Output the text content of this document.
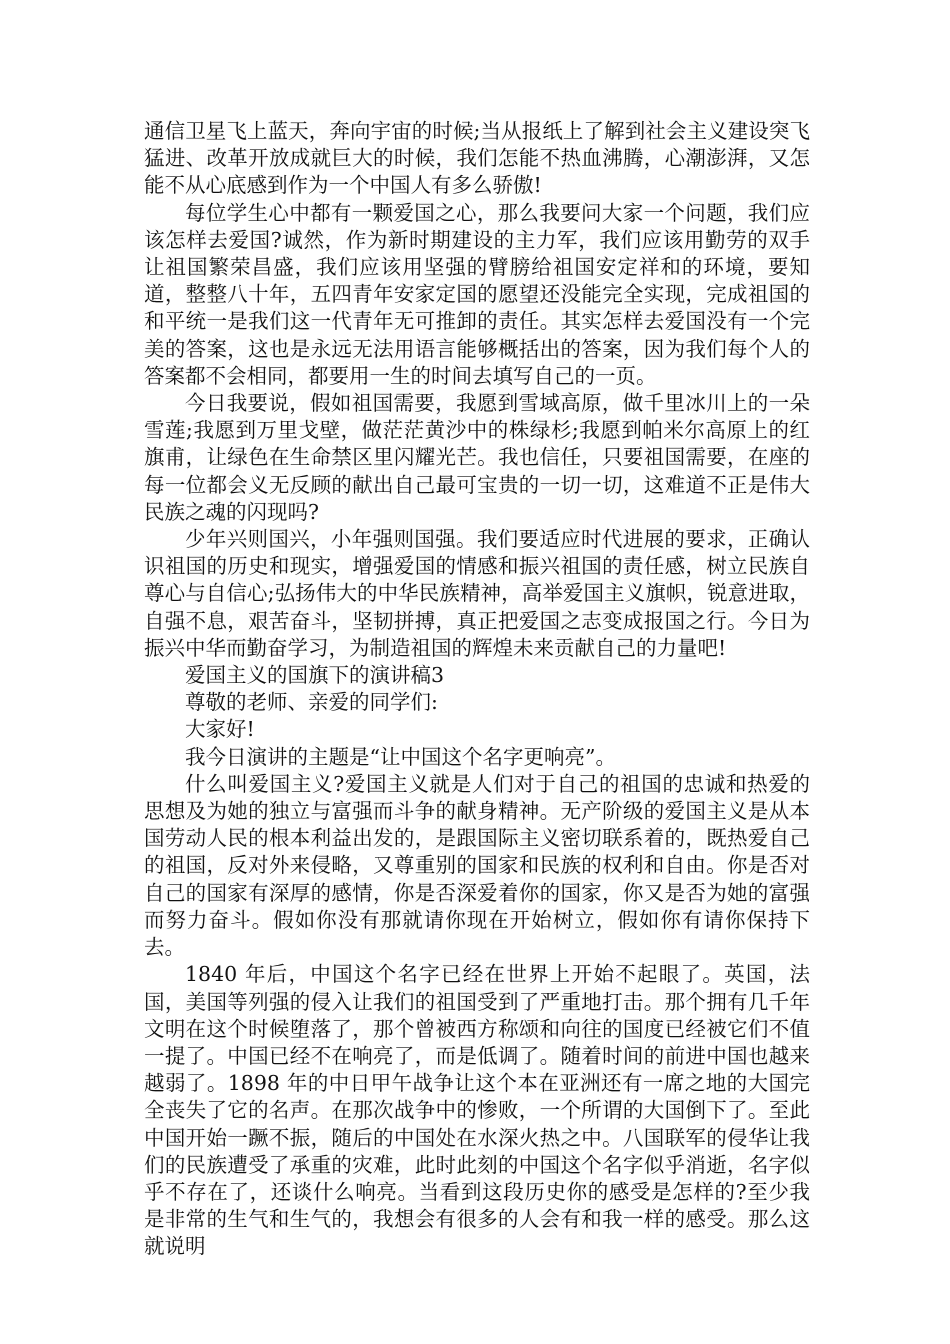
通信卫星飞上蓝天，奔向宇宙的时候;当从报纸上了解到社会主义建设突飞猛进、改革开放成就巨大的时候，我们怎能不热血沸腾，心潮澎湃，又怎能不从心底感到作为一个中国人有多么骄傲!

每位学生心中都有一颗爱国之心，那么我要问大家一个问题，我们应该怎样去爱国?诚然，作为新时期建设的主力军，我们应该用勤劳的双手让祖国繁荣昌盛，我们应该用坚强的臂膀给祖国安定祥和的环境，要知道，整整八十年，五四青年安家定国的愿望还没能完全实现，完成祖国的和平统一是我们这一代青年无可推卸的责任。其实怎样去爱国没有一个完美的答案，这也是永远无法用语言能够概括出的答案，因为我们每个人的答案都不会相同，都要用一生的时间去填写自己的一页。

今日我要说，假如祖国需要，我愿到雪域高原，做千里冰川上的一朵雪莲;我愿到万里戈壁，做茫茫黄沙中的株绿杉;我愿到帕米尔高原上的红旗甫，让绿色在生命禁区里闪耀光芒。我也信任，只要祖国需要，在座的每一位都会义无反顾的献出自己最可宝贵的一切一切，这难道不正是伟大民族之魂的闪现吗?

少年兴则国兴，小年强则国强。我们要适应时代进展的要求，正确认识祖国的历史和现实，增强爱国的情感和振兴祖国的责任感，树立民族自尊心与自信心;弘扬伟大的中华民族精神，高举爱国主义旗帜，锐意进取，自强不息，艰苦奋斗，坚韧拼搏，真正把爱国之志变成报国之行。今日为振兴中华而勤奋学习，为制造祖国的辉煌未来贡献自己的力量吧!

爱国主义的国旗下的演讲稿3

尊敬的老师、亲爱的同学们:

大家好!

我今日演讲的主题是“让中国这个名字更响亮”。

什么叫爱国主义?爱国主义就是人们对于自己的祖国的忠诚和热爱的思想及为她的独立与富强而斗争的献身精神。无产阶级的爱国主义是从本国劳动人民的根本利益出发的，是跟国际主义密切联系着的，既热爱自己的祖国，反对外来侵略，又尊重别的国家和民族的权利和自由。你是否对自己的国家有深厚的感情，你是否深爱着你的国家，你又是否为她的富强而努力奋斗。假如你没有那就请你现在开始树立，假如你有请你保持下去。

1840 年后，中国这个名字已经在世界上开始不起眼了。英国，法国，美国等列强的侵入让我们的祖国受到了严重地打击。那个拥有几千年文明在这个时候堕落了，那个曾被西方称颂和向往的国度已经被它们不值一提了。中国已经不在响亮了，而是低调了。随着时间的前进中国也越来越弱了。1898 年的中日甲午战争让这个本在亚洲还有一席之地的大国完全丧失了它的名声。在那次战争中的惨败，一个所谓的大国倒下了。至此中国开始一蹶不振，随后的中国处在水深火热之中。八国联军的侵华让我们的民族遭受了承重的灾难，此时此刻的中国这个名字似乎消逝，名字似乎不存在了，还谈什么响亮。当看到这段历史你的感受是怎样的?至少我是非常的生气和生气的，我想会有很多的人会有和我一样的感受。那么这就说明
